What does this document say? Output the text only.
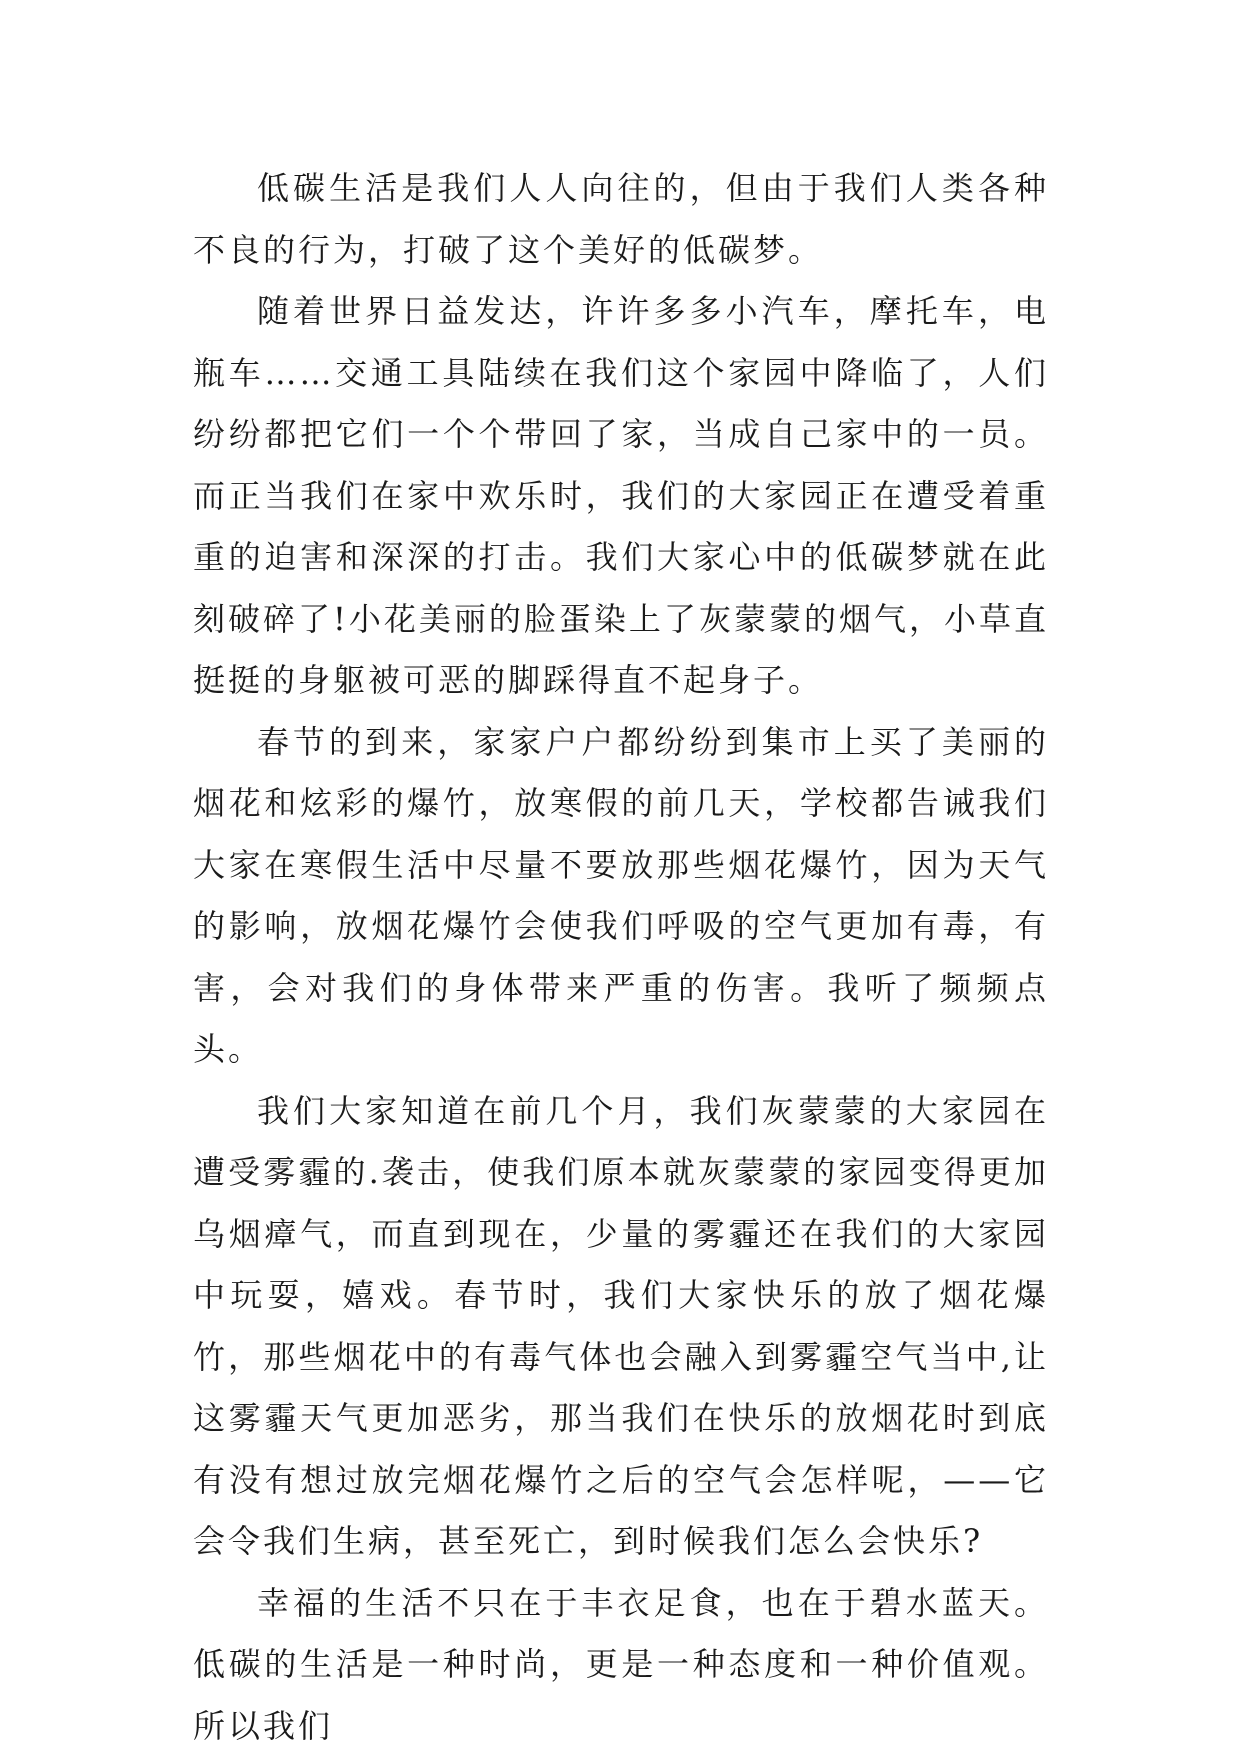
低碳生活是我们人人向往的，但由于我们人类各种不良的行为，打破了这个美好的低碳梦。

随着世界日益发达，许许多多小汽车，摩托车，电瓶车……交通工具陆续在我们这个家园中降临了，人们纷纷都把它们一个个带回了家，当成自己家中的一员。而正当我们在家中欢乐时，我们的大家园正在遭受着重重的迫害和深深的打击。我们大家心中的低碳梦就在此刻破碎了!小花美丽的脸蛋染上了灰蒙蒙的烟气，小草直挺挺的身躯被可恶的脚踩得直不起身子。

春节的到来，家家户户都纷纷到集市上买了美丽的烟花和炫彩的爆竹，放寒假的前几天，学校都告诫我们大家在寒假生活中尽量不要放那些烟花爆竹，因为天气的影响，放烟花爆竹会使我们呼吸的空气更加有毒，有害，会对我们的身体带来严重的伤害。我听了频频点头。

我们大家知道在前几个月，我们灰蒙蒙的大家园在遭受雾霾的.袭击，使我们原本就灰蒙蒙的家园变得更加乌烟瘴气，而直到现在，少量的雾霾还在我们的大家园中玩耍，嬉戏。春节时，我们大家快乐的放了烟花爆竹，那些烟花中的有毒气体也会融入到雾霾空气当中,让这雾霾天气更加恶劣，那当我们在快乐的放烟花时到底有没有想过放完烟花爆竹之后的空气会怎样呢，——它会令我们生病，甚至死亡，到时候我们怎么会快乐?

幸福的生活不只在于丰衣足食，也在于碧水蓝天。低碳的生活是一种时尚，更是一种态度和一种价值观。所以我们
